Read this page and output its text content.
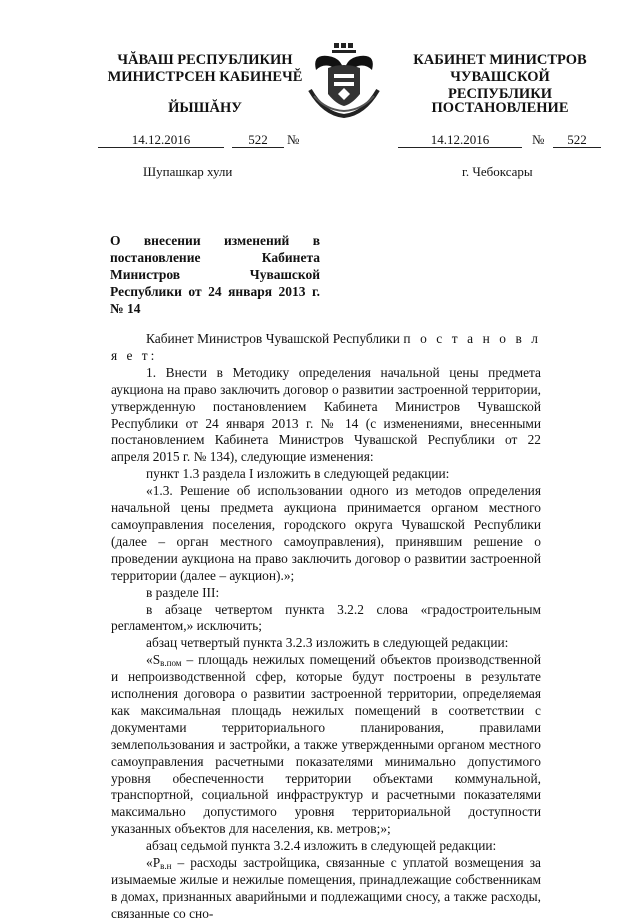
ЧĂВАШ РЕСПУБЛИКИН
МИНИСТРСЕН КАБИНЕЧĔ
ЙЫШĂНУ
КАБИНЕТ МИНИСТРОВ
ЧУВАШСКОЙ РЕСПУБЛИКИ
ПОСТАНОВЛЕНИЕ
14.12.2016	522	№	14.12.2016	№	522
Шупашкар хули	г. Чебоксары
О внесении изменений в постановление Кабинета Министров Чувашской Республики от 24 января 2013 г. № 14

Кабинет Министров Чувашской Республики п о с т а н о в л я е т:

1. Внести в Методику определения начальной цены предмета аукциона на право заключить договор о развитии застроенной территории, утвержденную постановлением Кабинета Министров Чувашской Республики от 24 января 2013 г. № 14 (с изменениями, внесенными постановлением Кабинета Министров Чувашской Республики от 22 апреля 2015 г. № 134), следующие изменения:

пункт 1.3 раздела I изложить в следующей редакции:

«1.3. Решение об использовании одного из методов определения начальной цены предмета аукциона принимается органом местного самоуправления поселения, городского округа Чувашской Республики (далее – орган местного самоуправления), принявшим решение о проведении аукциона на право заключить договор о развитии застроенной территории (далее – аукцион).»;

в разделе III:

в абзаце четвертом пункта 3.2.2 слова «градостроительным регламентом,» исключить;

абзац четвертый пункта 3.2.3 изложить в следующей редакции:

«$S_{в.пом}$ – площадь нежилых помещений объектов производственной и непроизводственной сфер, которые будут построены в результате исполнения договора о развитии застроенной территории, определяемая как максимальная площадь нежилых помещений в соответствии с документами территориального планирования, правилами землепользования и застройки, а также утвержденными органом местного самоуправления расчетными показателями минимально допустимого уровня обеспеченности территории объектами коммунальной, транспортной, социальной инфраструктур и расчетными показателями максимально допустимого уровня территориальной доступности указанных объектов для населения, кв. метров;»;

абзац седьмой пункта 3.2.4 изложить в следующей редакции:

«$P_{в.н}$ – расходы застройщика, связанные с уплатой возмещения за изымаемые жилые и нежилые помещения, принадлежащие собственникам в домах, признанных аварийными и подлежащими сносу, а также расходы, связанные со сно-
